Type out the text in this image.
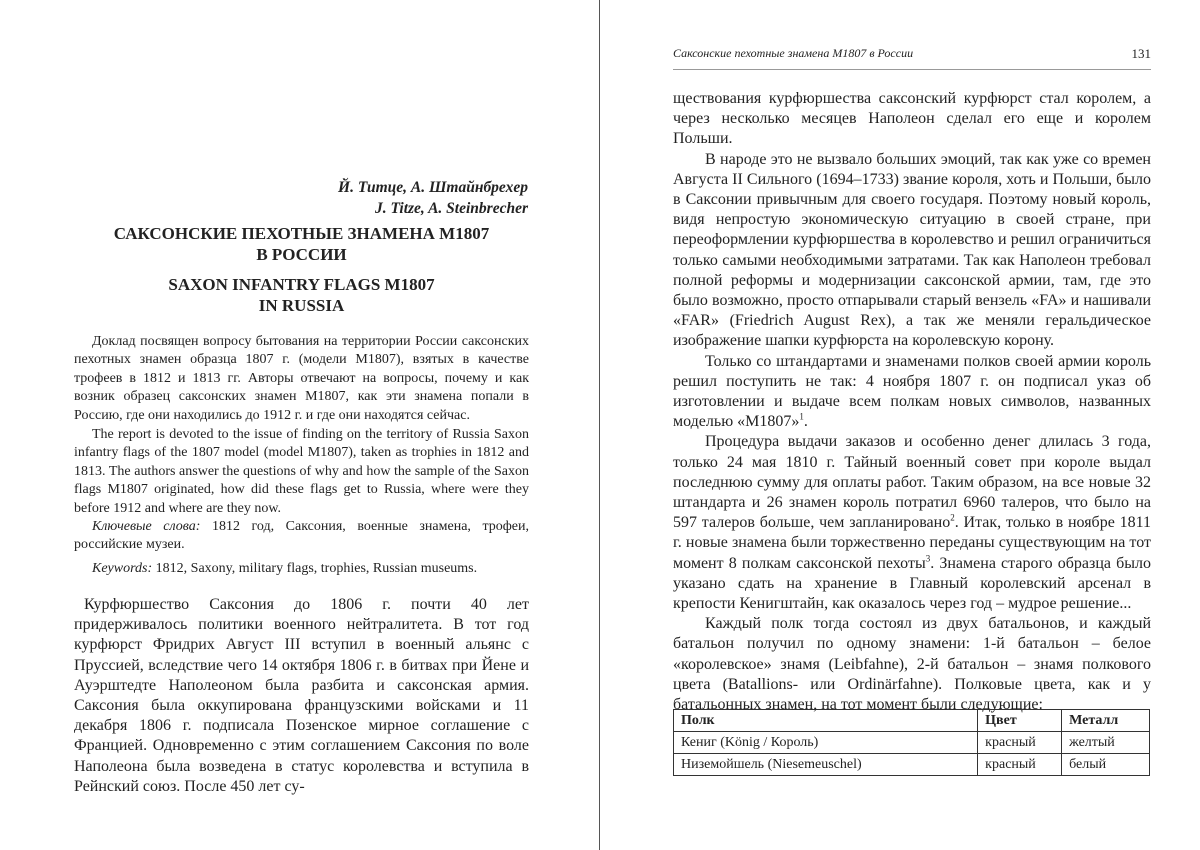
Й. Титце, А. Штайнбрехер
J. Titze, A. Steinbrecher
САКСОНСКИЕ ПЕХОТНЫЕ ЗНАМЕНА М1807
В РОССИИ
SAXON INFANTRY FLAGS M1807
IN RUSSIA

Доклад посвящен вопросу бытования на территории России саксонских пехотных знамен образца 1807 г. (модели М1807), взятых в качестве трофеев в 1812 и 1813 гг. Авторы отвечают на вопросы, почему и как возник образец саксонских знамен М1807, как эти знамена попали в Россию, где они находились до 1912 г. и где они находятся сейчас.

The report is devoted to the issue of finding on the territory of Russia Saxon infantry flags of the 1807 model (model M1807), taken as trophies in 1812 and 1813. The authors answer the questions of why and how the sample of the Saxon flags M1807 originated, how did these flags get to Russia, where were they before 1912 and where are they now.

Ключевые слова: 1812 год, Саксония, военные знамена, трофеи, российские музеи.

Keywords: 1812, Saxony, military flags, trophies, Russian museums.

Курфюршество Саксония до 1806 г. почти 40 лет придерживалось политики военного нейтралитета. В тот год курфюрст Фридрих Август III вступил в военный альянс с Пруссией, вследствие чего 14 октября 1806 г. в битвах при Йене и Ауэрштедте Наполеоном была разбита и саксонская армия. Саксония была оккупирована французскими войсками и 11 декабря 1806 г. подписала Позенское мирное соглашение с Францией. Одновременно с этим соглашением Саксония по воле Наполеона была возведена в статус королевства и вступила в Рейнский союз. После 450 лет су-

Саксонские пехотные знамена М1807 в России	131

ществования курфюршества саксонский курфюрст стал королем, а через несколько месяцев Наполеон сделал его еще и королем Польши.

В народе это не вызвало больших эмоций, так как уже со времен Августа II Сильного (1694–1733) звание короля, хоть и Польши, было в Саксонии привычным для своего государя. Поэтому новый король, видя непростую экономическую ситуацию в своей стране, при переоформлении курфюршества в королевство и решил ограничиться только самыми необходимыми затратами. Так как Наполеон требовал полной реформы и модернизации саксонской армии, там, где это было возможно, просто отпарывали старый вензель «FA» и нашивали «FAR» (Friedrich August Rex), а так же меняли геральдическое изображение шапки курфюрста на королевскую корону.

Только со штандартами и знаменами полков своей армии король решил поступить не так: 4 ноября 1807 г. он подписал указ об изготовлении и выдаче всем полкам новых символов, названных моделью «М1807»$^1$.

Процедура выдачи заказов и особенно денег длилась 3 года, только 24 мая 1810 г. Тайный военный совет при короле выдал последнюю сумму для оплаты работ. Таким образом, на все новые 32 штандарта и 26 знамен король потратил 6960 талеров, что было на 597 талеров больше, чем запланировано$^2$. Итак, только в ноябре 1811 г. новые знамена были торжественно переданы существующим на тот момент 8 полкам саксонской пехоты$^3$. Знамена старого образца было указано сдать на хранение в Главный королевский арсенал в крепости Кенигштайн, как оказалось через год – мудрое решение...

Каждый полк тогда состоял из двух батальонов, и каждый батальон получил по одному знамени: 1-й батальон – белое «королевское» знамя (Leibfahne), 2-й батальон – знамя полкового цвета (Batallions- или Ordinärfahne). Полковые цвета, как и у батальонных знамен, на тот момент были следующие:

Полк	Цвет	Металл
Кениг (König / Король)	красный	желтый
Низемойшель (Niesemeuschel)	красный	белый
